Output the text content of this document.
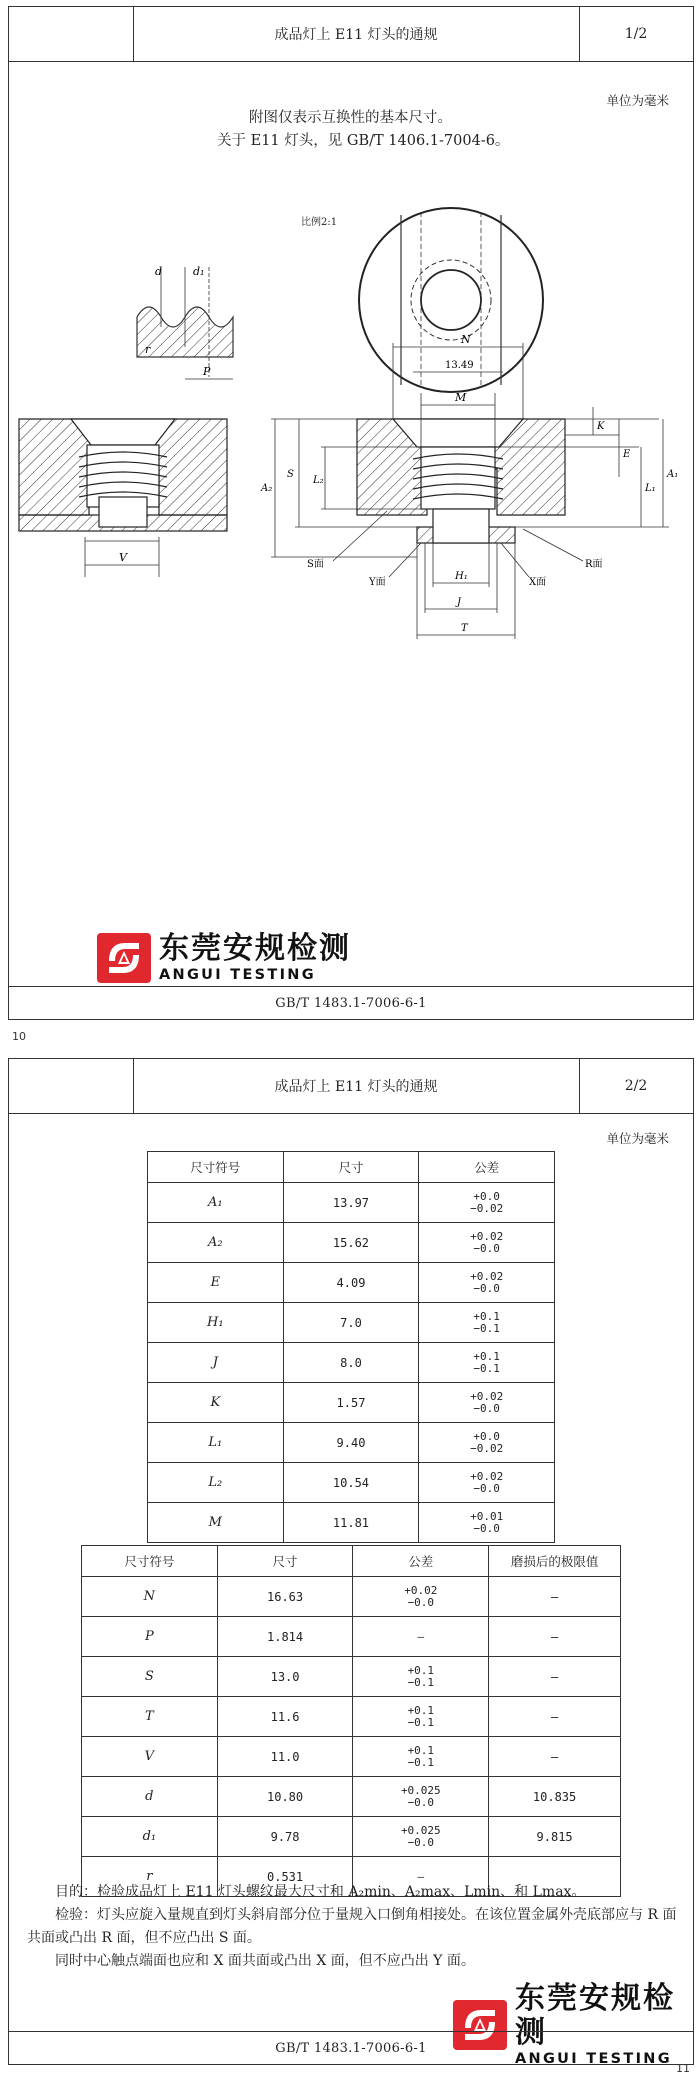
成品灯上 E11 灯头的通规	1/2
单位为毫米
附图仅表示互换性的基本尺寸。
关于 E11 灯头，见 GB/T 1406.1-7004-6。
比例2:1
d	d₁
r
P
V
N
13.49
M
K
E
L₁
A₁
A₂
S
L₂
H₁
J
T
S面
Y面	X面
R面
东莞安规检测
ANGUI TESTING
GB/T 1483.1-7006-6-1
10
成品灯上 E11 灯头的通规	2/2
单位为毫米
尺寸符号	尺寸	公差
A₁	13.97	+0.0
−0.02

A₂	15.62	+0.02
−0.0

E	4.09	+0.02
−0.0

H₁	7.0	+0.1
−0.1

J	8.0	+0.1
−0.1

K	1.57	+0.02
−0.0

L₁	9.40	+0.0
−0.02

L₂	10.54	+0.02
−0.0

M	11.81	+0.01
−0.0
尺寸符号	尺寸	公差	磨损后的极限值
N	16.63	+0.02
−0.0	—
P	1.814	—	—
S	13.0	+0.1
−0.1	—
T	11.6	+0.1
−0.1	—
V	11.0	+0.1
−0.1	—
d	10.80	+0.025
−0.0	10.835
d₁	9.78	+0.025
−0.0	9.815
r	0.531	—	
目的：检验成品灯上 E11 灯头螺纹最大尺寸和 A₂min、A₂max、Lmin、和 Lmax。
检验：灯头应旋入量规直到灯头斜肩部分位于量规入口倒角相接处。在该位置金属外壳底部应与 R 面共面或凸出 R 面，但不应凸出 S 面。
同时中心触点端面也应和 X 面共面或凸出 X 面，但不应凸出 Y 面。
东莞安规检测
ANGUI TESTING
GB/T 1483.1-7006-6-1
11
